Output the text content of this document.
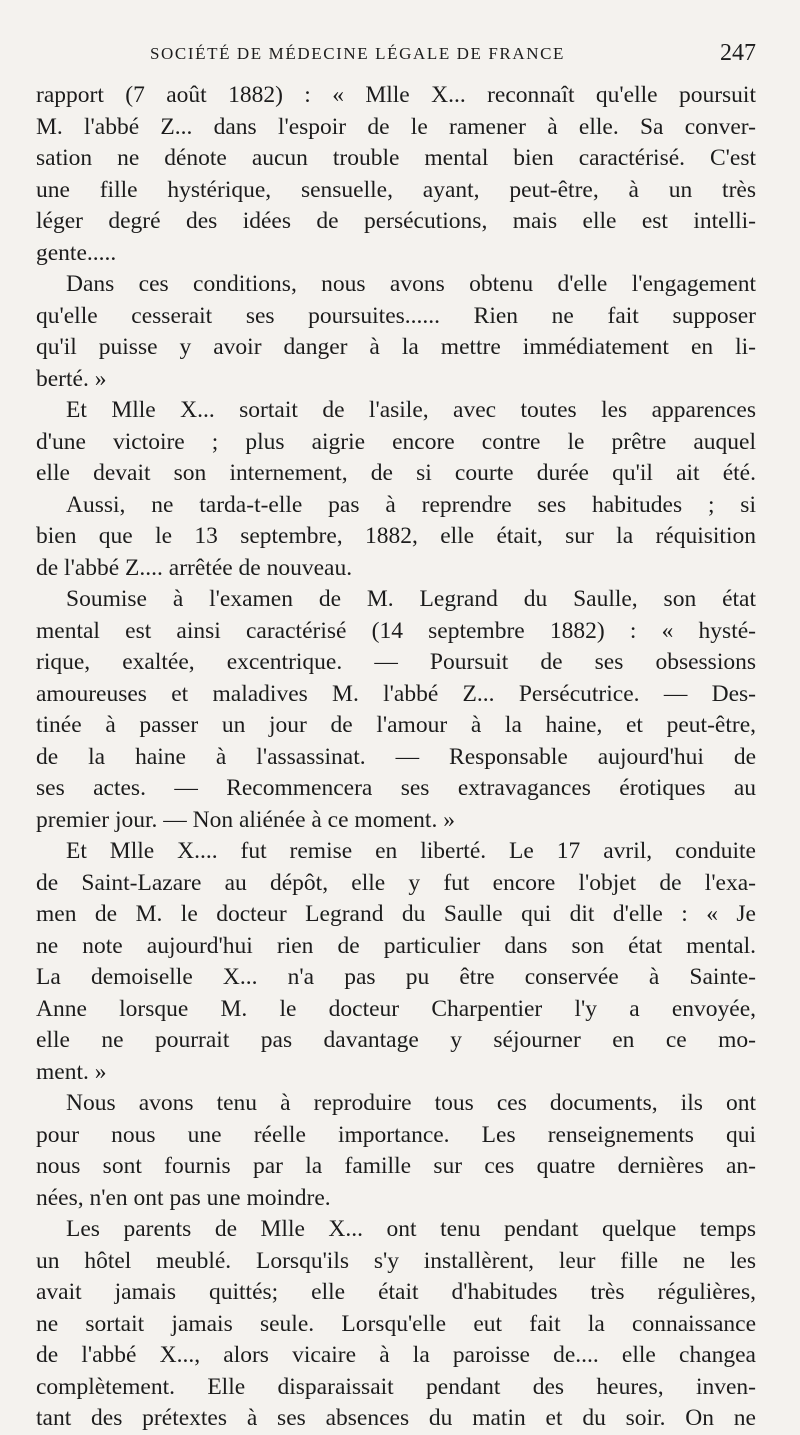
SOCIÉTÉ DE MÉDECINE LÉGALE DE FRANCE	247
rapport (7 août 1882) : « Mlle X... reconnaît qu'elle poursuit
M. l'abbé Z... dans l'espoir de le ramener à elle. Sa conver-
sation ne dénote aucun trouble mental bien caractérisé. C'est
une fille hystérique, sensuelle, ayant, peut-être, à un très
léger degré des idées de persécutions, mais elle est intelli-
gente.....
Dans ces conditions, nous avons obtenu d'elle l'engagement
qu'elle cesserait ses poursuites...... Rien ne fait supposer
qu'il puisse y avoir danger à la mettre immédiatement en li-
berté. »
Et Mlle X... sortait de l'asile, avec toutes les apparences
d'une victoire ; plus aigrie encore contre le prêtre auquel
elle devait son internement, de si courte durée qu'il ait été.
Aussi, ne tarda-t-elle pas à reprendre ses habitudes ; si
bien que le 13 septembre, 1882, elle était, sur la réquisition
de l'abbé Z.... arrêtée de nouveau.
Soumise à l'examen de M. Legrand du Saulle, son état
mental est ainsi caractérisé (14 septembre 1882) : « hysté-
rique, exaltée, excentrique. — Poursuit de ses obsessions
amoureuses et maladives M. l'abbé Z... Persécutrice. — Des-
tinée à passer un jour de l'amour à la haine, et peut-être,
de la haine à l'assassinat. — Responsable aujourd'hui de
ses actes. — Recommencera ses extravagances érotiques au
premier jour. — Non aliénée à ce moment. »
Et Mlle X.... fut remise en liberté. Le 17 avril, conduite
de Saint-Lazare au dépôt, elle y fut encore l'objet de l'exa-
men de M. le docteur Legrand du Saulle qui dit d'elle : « Je
ne note aujourd'hui rien de particulier dans son état mental.
La demoiselle X... n'a pas pu être conservée à Sainte-
Anne lorsque M. le docteur Charpentier l'y a envoyée,
elle ne pourrait pas davantage y séjourner en ce mo-
ment. »
Nous avons tenu à reproduire tous ces documents, ils ont
pour nous une réelle importance. Les renseignements qui
nous sont fournis par la famille sur ces quatre dernières an-
nées, n'en ont pas une moindre.
Les parents de Mlle X... ont tenu pendant quelque temps
un hôtel meublé. Lorsqu'ils s'y installèrent, leur fille ne les
avait jamais quittés; elle était d'habitudes très régulières,
ne sortait jamais seule. Lorsqu'elle eut fait la connaissance
de l'abbé X..., alors vicaire à la paroisse de.... elle changea
complètement. Elle disparaissait pendant des heures, inven-
tant des prétextes à ses absences du matin et du soir. On ne
